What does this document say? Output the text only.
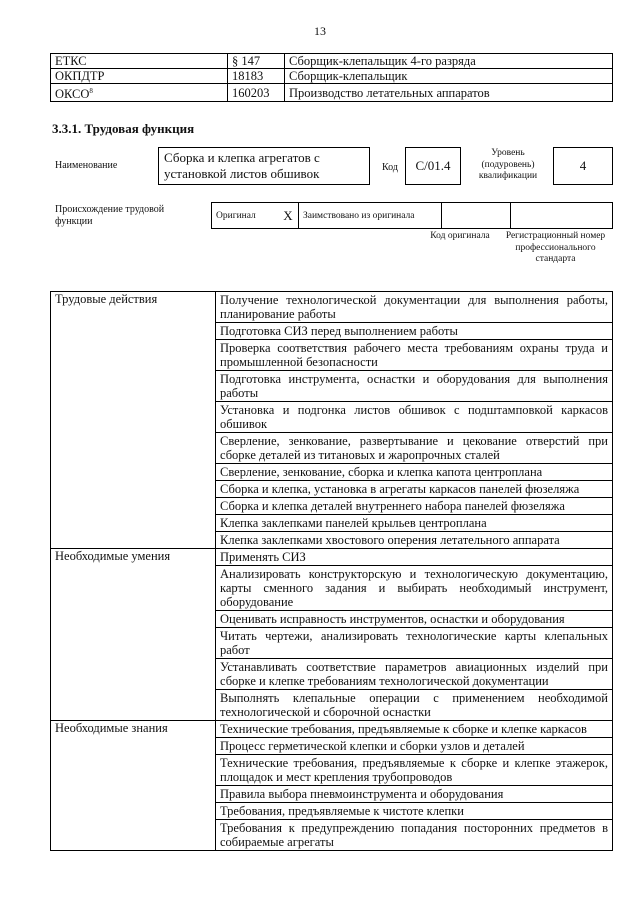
13
ЕТКС	§ 147	Сборщик-клепальщик 4-го разряда
ОКПДТР	18183	Сборщик-клепальщик
ОКСО$^8$	160203	Производство летательных аппаратов
3.3.1. Трудовая функция
Наименование
Сборка и клепка агрегатов с установкой листов обшивок	Код С/01.4
Уровень (подуровень) квалификации
4
Происхождение трудовой функции
Оригинал	Х	Заимствовано из оригинала		
Код оригинала	Регистрационный номер профессионального стандарта
Трудовые действия	Получение технологической документации для выполнения работы, планирование работы
	Подготовка СИЗ перед выполнением работы
	Проверка соответствия рабочего места требованиям охраны труда и промышленной безопасности
	Подготовка инструмента, оснастки и оборудования для выполнения работы
	Установка и подгонка листов обшивок с подштамповкой каркасов обшивок
	Сверление, зенкование, развертывание и цекование отверстий при сборке деталей из титановых и жаропрочных сталей
	Сверление, зенкование, сборка и клепка капота центроплана
	Сборка и клепка, установка в агрегаты каркасов панелей фюзеляжа
	Сборка и клепка деталей внутреннего набора панелей фюзеляжа
	Клепка заклепками панелей крыльев центроплана
	Клепка заклепками хвостового оперения летательного аппарата
Необходимые умения	Применять СИЗ
	Анализировать конструкторскую и технологическую документацию, карты сменного задания и выбирать необходимый инструмент, оборудование
	Оценивать исправность инструментов, оснастки и оборудования
	Читать чертежи, анализировать технологические карты клепальных работ
	Устанавливать соответствие параметров авиационных изделий при сборке и клепке требованиям технологической документации
	Выполнять клепальные операции с применением необходимой технологической и сборочной оснастки
Необходимые знания	Технические требования, предъявляемые к сборке и клепке каркасов
	Процесс герметической клепки и сборки узлов и деталей
	Технические требования, предъявляемые к сборке и клепке этажерок, площадок и мест крепления трубопроводов
	Правила выбора пневмоинструмента и оборудования
	Требования, предъявляемые к чистоте клепки
	Требования к предупреждению попадания посторонних предметов в собираемые агрегаты
